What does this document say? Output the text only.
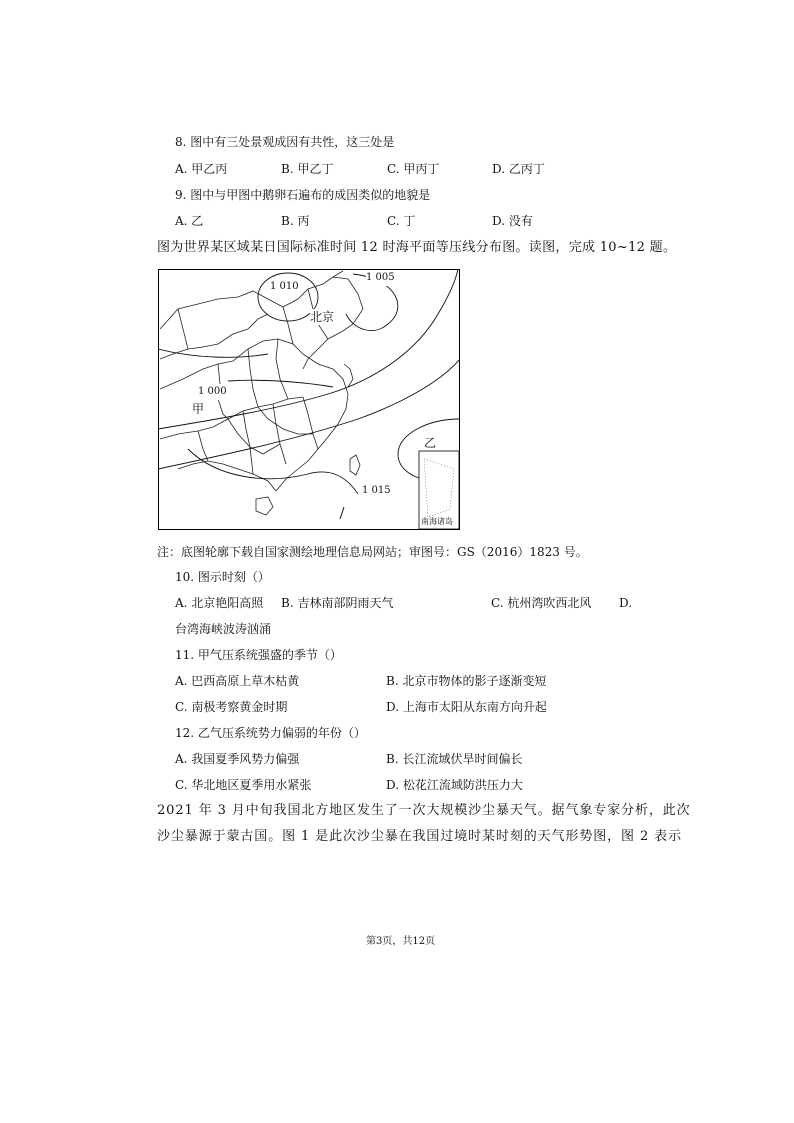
8. 图中有三处景观成因有共性，这三处是
A. 甲乙丙	B. 甲乙丁	C. 甲丙丁	D. 乙丙丁
9. 图中与甲图中鹅卵石遍布的成因类似的地貌是
A. 乙	B. 丙	C. 丁	D. 没有
图为世界某区域某日国际标准时间 12 时海平面等压线分布图。读图，完成 10~12 题。
北京
甲
乙
南海诸岛
1 010
1 005
1 000
1 015
注：底图轮廓下载自国家测绘地理信息局网站；审图号：GS（2016）1823 号。
10. 图示时刻（）
A. 北京艳阳高照 B. 吉林南部阴雨天气	C. 杭州湾吹西北风 D.
台湾海峡波涛汹涌
11. 甲气压系统强盛的季节（）
A. 巴西高原上草木枯黄	B. 北京市物体的影子逐渐变短
C. 南极考察黄金时期	D. 上海市太阳从东南方向升起
12. 乙气压系统势力偏弱的年份（）
A. 我国夏季风势力偏强	B. 长江流域伏旱时间偏长
C. 华北地区夏季用水紧张	D. 松花江流域防洪压力大
2021 年 3 月中旬我国北方地区发生了一次大规模沙尘暴天气。据气象专家分析，此次
沙尘暴源于蒙古国。图 1 是此次沙尘暴在我国过境时某时刻的天气形势图，图 2 表示
第3页，共12页
